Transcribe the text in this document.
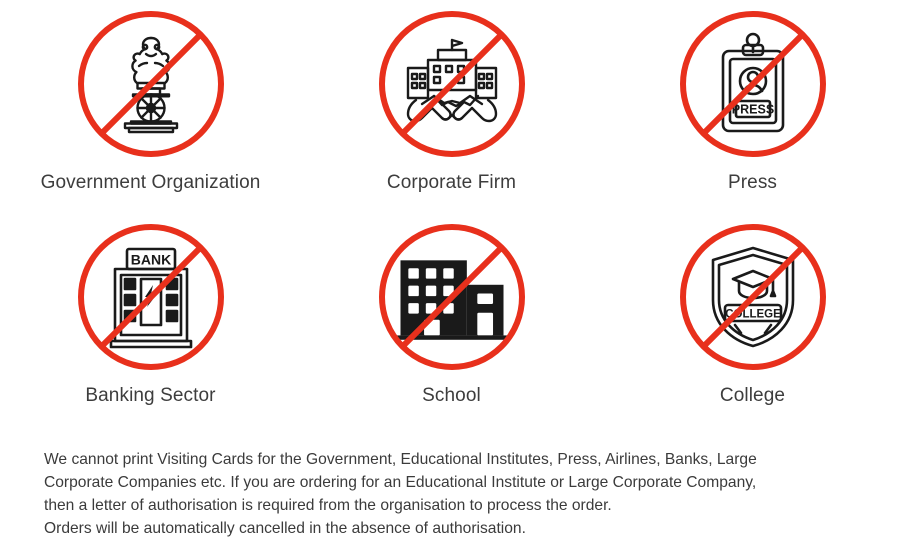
Government Organization	Corporate Firm
PRESS
Press
BANK
Banking Sector	School
COLLEGE
College

We cannot print Visiting Cards for the Government, Educational Institutes, Press, Airlines, Banks, Large

Corporate Companies etc. If you are ordering for an Educational Institute or Large Corporate Company,

then a letter of authorisation is required from the organisation to process the order.

Orders will be automatically cancelled in the absence of authorisation.
